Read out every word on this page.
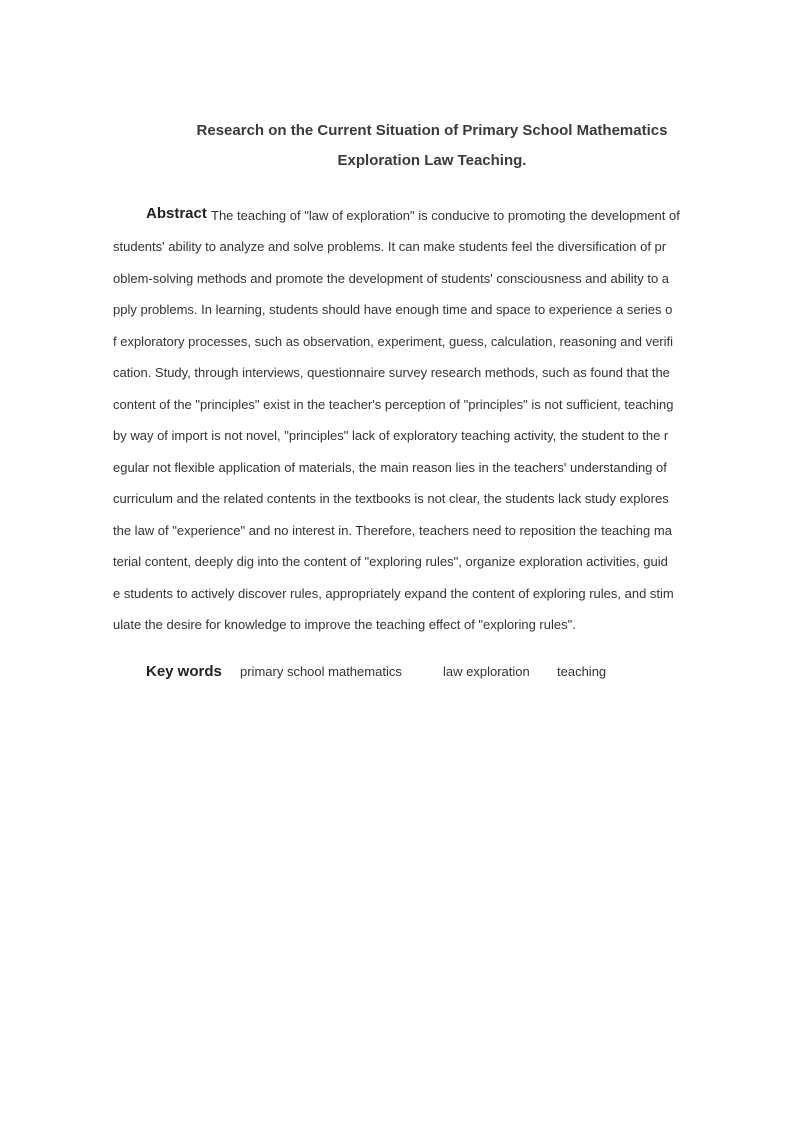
Research on the Current Situation of Primary School Mathematics
Exploration Law Teaching.
Abstract The teaching of "law of exploration" is conducive to promoting the development of
students' ability to analyze and solve problems. It can make students feel the diversification of pr
oblem-solving methods and promote the development of students' consciousness and ability to a
pply problems. In learning, students should have enough time and space to experience a series o
f exploratory processes, such as observation, experiment, guess, calculation, reasoning and verifi
cation. Study, through interviews, questionnaire survey research methods, such as found that the
content of the "principles" exist in the teacher's perception of "principles" is not sufficient, teaching
by way of import is not novel, "principles" lack of exploratory teaching activity, the student to the r
egular not flexible application of materials, the main reason lies in the teachers' understanding of
curriculum and the related contents in the textbooks is not clear, the students lack study explores
the law of "experience" and no interest in. Therefore, teachers need to reposition the teaching ma
terial content, deeply dig into the content of "exploring rules", organize exploration activities, guid
e students to actively discover rules, appropriately expand the content of exploring rules, and stim
ulate the desire for knowledge to improve the teaching effect of "exploring rules".
Key words primary school mathematics	law exploration teaching
